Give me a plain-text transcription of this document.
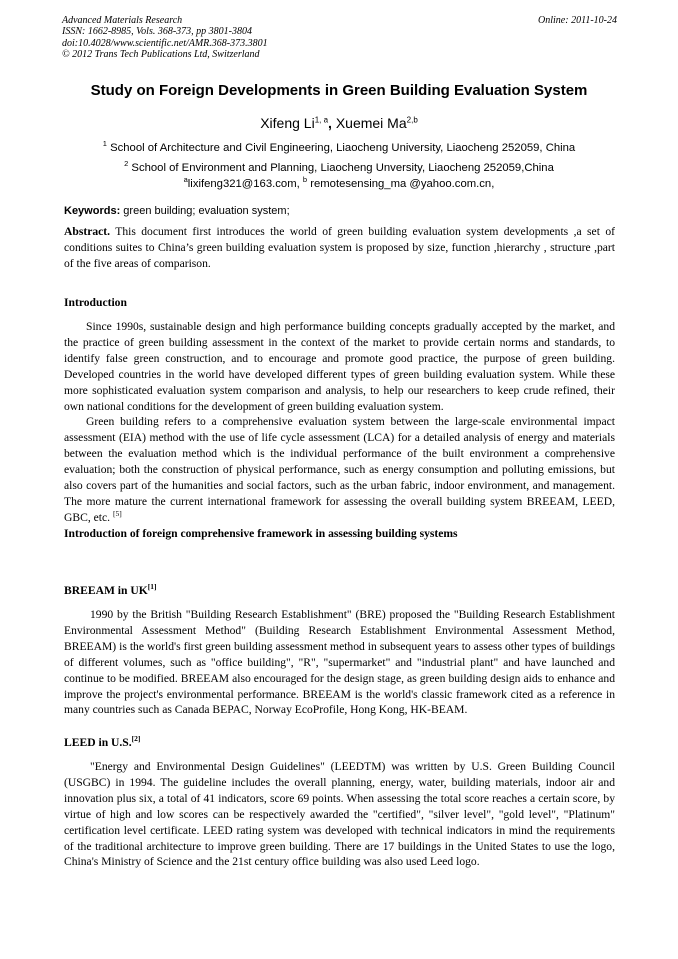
Advanced Materials Research
ISSN: 1662-8985, Vols. 368-373, pp 3801-3804
doi:10.4028/www.scientific.net/AMR.368-373.3801
© 2012 Trans Tech Publications Ltd, Switzerland
Online: 2011-10-24
Study on Foreign Developments in Green Building Evaluation System
Xifeng Li$^{1, a}$, Xuemei Ma$^{2,b}$
$^1$ School of Architecture and Civil Engineering, Liaocheng University, Liaocheng 252059, China
$^2$ School of Environment and Planning, Liaocheng Unversity, Liaocheng 252059,China
$^a$lixifeng321@163.com, $^b$ remotesensing_ma @yahoo.com.cn,
Keywords: green building; evaluation system;

Abstract. This document first introduces the world of green building evaluation system developments ,a set of conditions suites to China’s green building evaluation system is proposed by size, function ,hierarchy , structure ,part of the five areas of comparison.

Introduction

Since 1990s, sustainable design and high performance building concepts gradually accepted by the market, and the practice of green building assessment in the context of the market to provide certain norms and standards, to identify false green construction, and to encourage and promote good practice, the purpose of green building. Developed countries in the world have developed different types of green building evaluation system. While these more sophisticated evaluation system comparison and analysis, to help our researchers to keep crude refined, their own national conditions for the development of green building evaluation system.

Green building refers to a comprehensive evaluation system between the large-scale environmental impact assessment (EIA) method with the use of life cycle assessment (LCA) for a detailed analysis of energy and materials between the evaluation method which is the individual performance of the built environment a comprehensive evaluation; both the construction of physical performance, such as energy consumption and polluting emissions, but also covers part of the humanities and social factors, such as the urban fabric, indoor environment, and management. The more mature the current international framework for assessing the overall building system BREEAM, LEED, GBC, etc. [5]

Introduction of foreign comprehensive framework in assessing building systems

BREEAM in UK[1]

1990 by the British "Building Research Establishment" (BRE) proposed the "Building Research Establishment Environmental Assessment Method" (Building Research Establishment Environmental Assessment Method, BREEAM) is the world's first green building assessment method in subsequent years to assess other types of buildings of different volumes, such as "office building", "R", "supermarket" and "industrial plant" and have launched and continue to be modified. BREEAM also encouraged for the design stage, as green building design aids to enhance and improve the project's environmental performance. BREEAM is the world's classic framework cited as a reference in many countries such as Canada BEPAC, Norway EcoProfile, Hong Kong, HK-BEAM.

LEED in U.S.[2]

"Energy and Environmental Design Guidelines" (LEEDTM) was written by U.S. Green Building Council (USGBC) in 1994. The guideline includes the overall planning, energy, water, building materials, indoor air and innovation plus six, a total of 41 indicators, score 69 points. When assessing the total score reaches a certain score, by virtue of high and low scores can be respectively awarded the "certified", "silver level", "gold level", "Platinum" certification level certificate. LEED rating system was developed with technical indicators in mind the requirements of the traditional architecture to improve green building. There are 17 buildings in the United States to use the logo, China's Ministry of Science and the 21st century office building was also used Leed logo.
